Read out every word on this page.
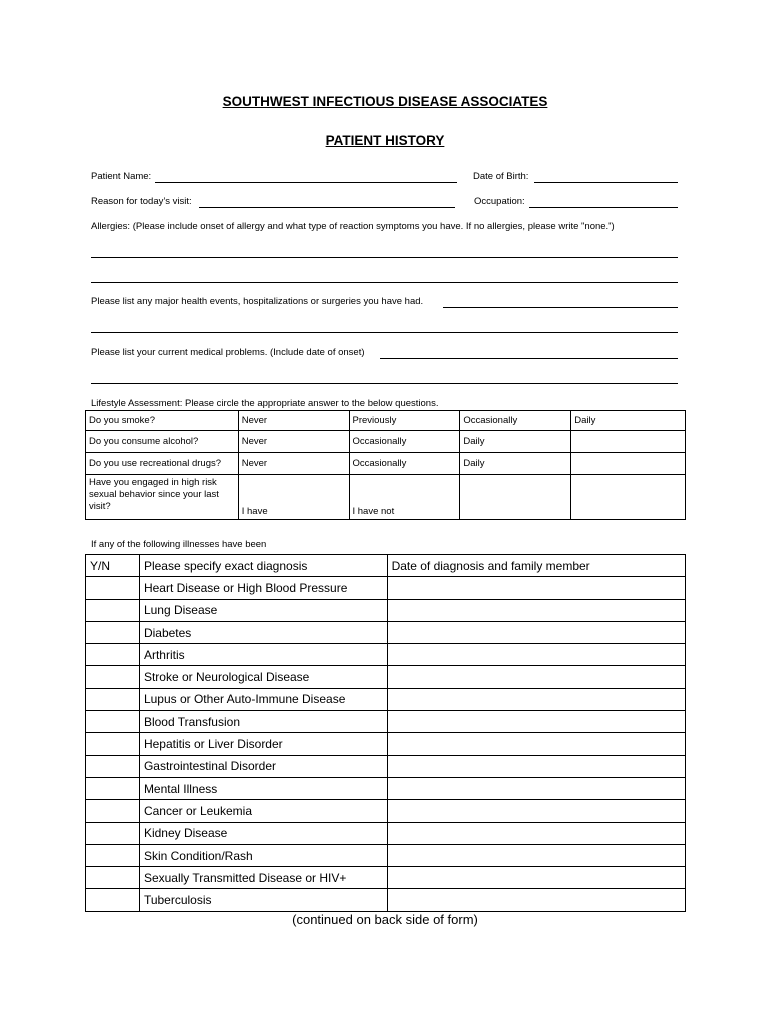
SOUTHWEST INFECTIOUS DISEASE ASSOCIATES
PATIENT HISTORY
Patient Name:	Date of Birth:
Reason for today’s visit:	Occupation:
Allergies: (Please include onset of allergy and what type of reaction symptoms you have. If no allergies, please write "none.")
Please list any major health events, hospitalizations or surgeries you have had.
Please list your current medical problems. (Include date of onset)
Lifestyle Assessment: Please circle the appropriate answer to the below questions.
Do you smoke?	Never	Previously	Occasionally	Daily
Do you consume alcohol?	Never	Occasionally	Daily	
Do you use recreational drugs?	Never	Occasionally	Daily	
Have you engaged in high risk sexual behavior since your last visit?	I have	I have not		
If any of the following illnesses have been
Y/N	Please specify exact diagnosis	Date of diagnosis and family member
	Heart Disease or High Blood Pressure	
	Lung Disease	
	Diabetes	
	Arthritis	
	Stroke or Neurological Disease	
	Lupus or Other Auto-Immune Disease	
	Blood Transfusion	
	Hepatitis or Liver Disorder	
	Gastrointestinal Disorder	
	Mental Illness	
	Cancer or Leukemia	
	Kidney Disease	
	Skin Condition/Rash	
	Sexually Transmitted Disease or HIV+	
	Tuberculosis	
(continued on back side of form)
